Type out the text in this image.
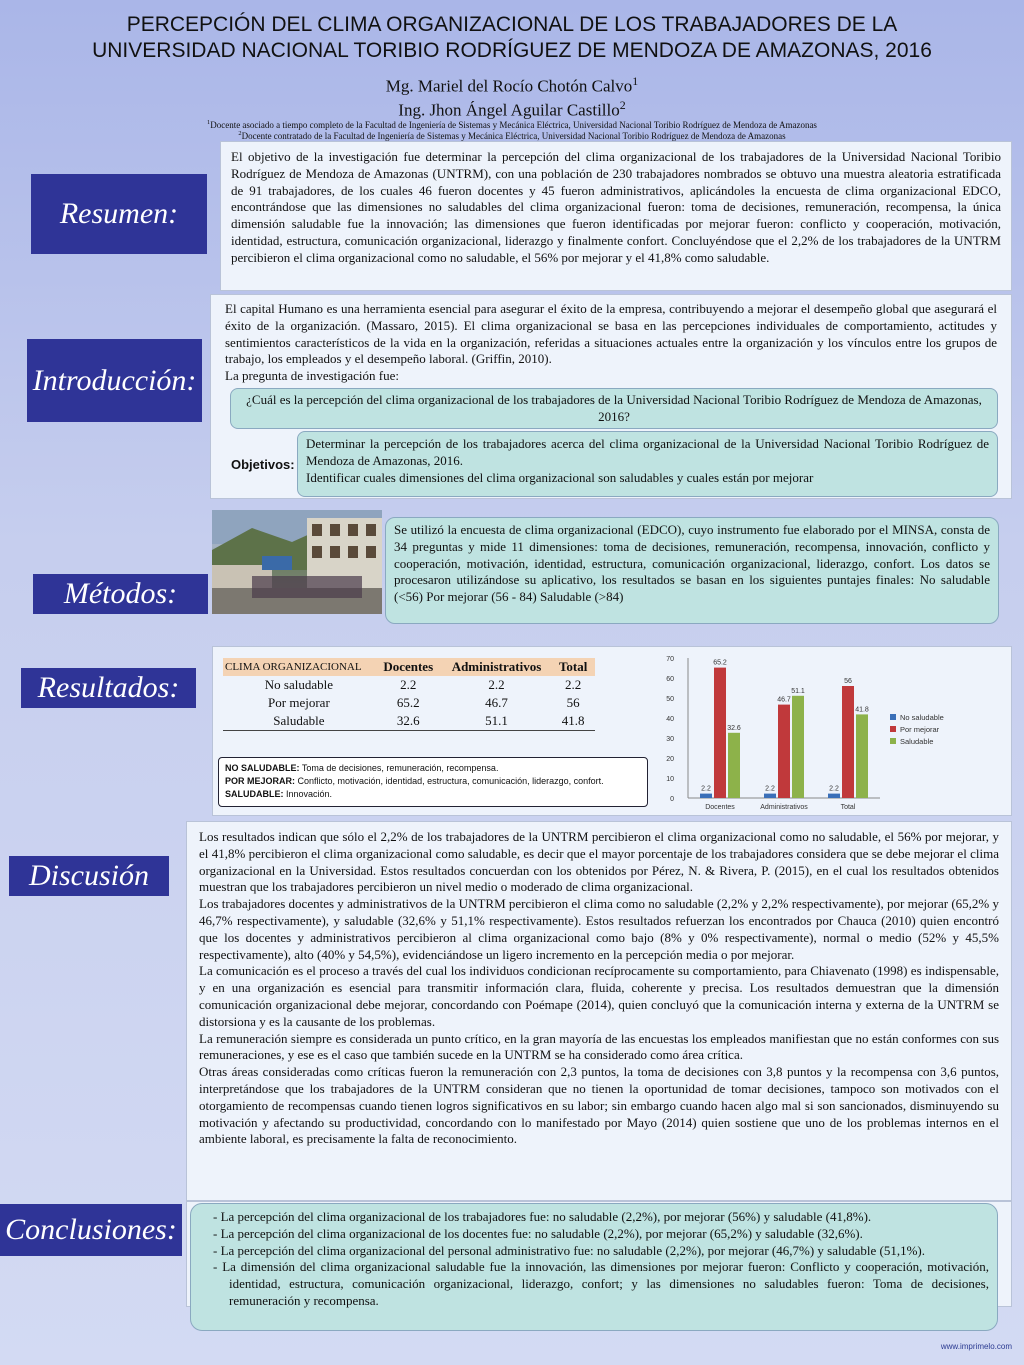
PERCEPCIÓN DEL CLIMA ORGANIZACIONAL DE LOS TRABAJADORES DE LA
UNIVERSIDAD NACIONAL TORIBIO RODRÍGUEZ DE MENDOZA DE AMAZONAS, 2016
Mg. Mariel del Rocío Chotón Calvo$^1$
Ing. Jhon Ángel Aguilar Castillo$^2$
$^1$Docente asociado a tiempo completo de la Facultad de Ingeniería de Sistemas y Mecánica Eléctrica, Universidad Nacional Toribio Rodríguez de Mendoza de Amazonas
$^2$Docente contratado de la Facultad de Ingeniería de Sistemas y Mecánica Eléctrica, Universidad Nacional Toribio Rodríguez de Mendoza de Amazonas
Resumen:
El objetivo de la investigación fue determinar la percepción del clima organizacional de los trabajadores de la Universidad Nacional Toribio Rodríguez de Mendoza de Amazonas (UNTRM), con una población de 230 trabajadores nombrados se obtuvo una muestra aleatoria estratificada de 91 trabajadores, de los cuales 46 fueron docentes y 45 fueron administrativos, aplicándoles la encuesta de clima organizacional EDCO, encontrándose que las dimensiones no saludables del clima organizacional fueron: toma de decisiones, remuneración, recompensa, la única dimensión saludable fue la innovación; las dimensiones que fueron identificadas por mejorar fueron: conflicto y cooperación, motivación, identidad, estructura, comunicación organizacional, liderazgo y finalmente confort. Concluyéndose que el 2,2% de los trabajadores de la UNTRM percibieron el clima organizacional como no saludable, el 56% por mejorar y el 41,8% como saludable.
Introducción:
El capital Humano es una herramienta esencial para asegurar el éxito de la empresa, contribuyendo a mejorar el desempeño global que asegurará el éxito de la organización. (Massaro, 2015). El clima organizacional se basa en las percepciones individuales de comportamiento, actitudes y sentimientos característicos de la vida en la organización, referidas a situaciones actuales entre la organización y los vínculos entre los grupos de trabajo, los empleados y el desempeño laboral. (Griffin, 2010).
La pregunta de investigación fue:
Objetivos:
¿Cuál es la percepción del clima organizacional de los trabajadores de la Universidad Nacional Toribio Rodríguez de Mendoza de Amazonas, 2016?
Determinar la percepción de los trabajadores acerca del clima organizacional de la Universidad Nacional Toribio Rodríguez de Mendoza de Amazonas, 2016.
Identificar cuales dimensiones del clima organizacional son saludables y cuales están por mejorar
Métodos:
Se utilizó la encuesta de clima organizacional (EDCO), cuyo instrumento fue elaborado por el MINSA, consta de 34 preguntas y mide 11 dimensiones: toma de decisiones, remuneración, recompensa, innovación, conflicto y cooperación, motivación, identidad, estructura, comunicación organizacional, liderazgo, confort. Los datos se procesaron utilizándose su aplicativo, los resultados se basan en los siguientes puntajes finales: No saludable (<56) Por mejorar (56 - 84) Saludable (>84)
Resultados:
CLIMA ORGANIZACIONAL	Docentes	Administrativos	Total
No saludable	2.2	2.2	2.2
Por mejorar	65.2	46.7	56
Saludable	32.6	51.1	41.8
NO SALUDABLE: Toma de decisiones, remuneración, recompensa.
POR MEJORAR: Conflicto, motivación, identidad, estructura, comunicación, liderazgo, confort.
SALUDABLE: Innovación.
0
10
20
30
40
50
60
70
2.2
65.2
32.6
Docentes
2.2
46.7
51.1
Administrativos
2.2
56
41.8
Total
No saludable
Por mejorar
Saludable
Discusión
Los resultados indican que sólo el 2,2% de los trabajadores de la UNTRM percibieron el clima organizacional como no saludable, el 56% por mejorar, y el 41,8% percibieron el clima organizacional como saludable, es decir que el mayor porcentaje de los trabajadores considera que se debe mejorar el clima organizacional en la Universidad. Estos resultados concuerdan con los obtenidos por Pérez, N. & Rivera, P. (2015), en el cual los resultados obtenidos muestran que los trabajadores percibieron un nivel medio o moderado de clima organizacional.
Los trabajadores docentes y administrativos de la UNTRM percibieron el clima como no saludable (2,2% y 2,2% respectivamente), por mejorar (65,2% y 46,7% respectivamente), y saludable (32,6% y 51,1% respectivamente). Estos resultados refuerzan los encontrados por Chauca (2010) quien encontró que los docentes y administrativos percibieron al clima organizacional como bajo (8% y 0% respectivamente), normal o medio (52% y 45,5% respectivamente), alto (40% y 54,5%), evidenciándose un ligero incremento en la percepción media o por mejorar.
La comunicación es el proceso a través del cual los individuos condicionan recíprocamente su comportamiento, para Chiavenato (1998) es indispensable, y en una organización es esencial para transmitir información clara, fluida, coherente y precisa. Los resultados demuestran que la dimensión comunicación organizacional debe mejorar, concordando con Poémape (2014), quien concluyó que la comunicación interna y externa de la UNTRM se distorsiona y es la causante de los problemas.
La remuneración siempre es considerada un punto crítico, en la gran mayoría de las encuestas los empleados manifiestan que no están conformes con sus remuneraciones, y ese es el caso que también sucede en la UNTRM se ha considerado como área crítica.
Otras áreas consideradas como críticas fueron la remuneración con 2,3 puntos, la toma de decisiones con 3,8 puntos y la recompensa con 3,6 puntos, interpretándose que los trabajadores de la UNTRM consideran que no tienen la oportunidad de tomar decisiones, tampoco son motivados con el otorgamiento de recompensas cuando tienen logros significativos en su labor; sin embargo cuando hacen algo mal si son sancionados, disminuyendo su motivación y afectando su productividad, concordando con lo manifestado por Mayo (2014) quien sostiene que uno de los problemas internos en el ambiente laboral, es precisamente la falta de reconocimiento.
Conclusiones:	- La percepción del clima organizacional de los trabajadores fue: no saludable (2,2%), por mejorar (56%) y saludable (41,8%).
- La percepción del clima organizacional de los docentes fue: no saludable (2,2%), por mejorar (65,2%) y saludable (32,6%).
- La percepción del clima organizacional del personal administrativo fue: no saludable (2,2%), por mejorar (46,7%) y saludable (51,1%).
- La dimensión del clima organizacional saludable fue la innovación, las dimensiones por mejorar fueron: Conflicto y cooperación, motivación, identidad, estructura, comunicación organizacional, liderazgo, confort; y las dimensiones no saludables fueron: Toma de decisiones, remuneración y recompensa.
www.imprimelo.com
